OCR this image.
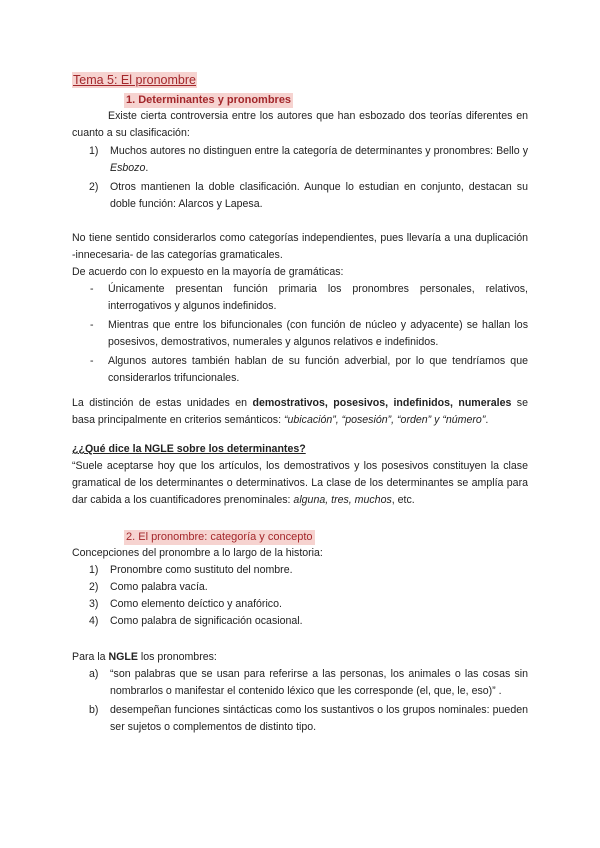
Tema 5: El pronombre
1. Determinantes y pronombres

Existe cierta controversia entre los autores que han esbozado dos teorías diferentes en cuanto a su clasificación:

1) Muchos autores no distinguen entre la categoría de determinantes y pronombres: Bello y Esbozo.
2) Otros mantienen la doble clasificación. Aunque lo estudian en conjunto, destacan su doble función: Alarcos y Lapesa.

No tiene sentido considerarlos como categorías independientes, pues llevaría a una duplicación -innecesaria- de las categorías gramaticales.

De acuerdo con lo expuesto en la mayoría de gramáticas:

- Únicamente presentan función primaria los pronombres personales, relativos, interrogativos y algunos indefinidos.
- Mientras que entre los bifuncionales (con función de núcleo y adyacente) se hallan los posesivos, demostrativos, numerales y algunos relativos e indefinidos.
- Algunos autores también hablan de su función adverbial, por lo que tendríamos que considerarlos trifuncionales.

La distinción de estas unidades en demostrativos, posesivos, indefinidos, numerales se basa principalmente en criterios semánticos: “ubicación”, “posesión”, “orden” y “número”.

¿¿Qué dice la NGLE sobre los determinantes?

“Suele aceptarse hoy que los artículos, los demostrativos y los posesivos constituyen la clase gramatical de los determinantes o determinativos. La clase de los determinantes se amplía para dar cabida a los cuantificadores prenominales: alguna, tres, muchos, etc.

2. El pronombre: categoría y concepto

Concepciones del pronombre a lo largo de la historia:

1) Pronombre como sustituto del nombre.
2) Como palabra vacía.
3) Como elemento deíctico y anafórico.
4) Como palabra de significación ocasional.

Para la NGLE los pronombres:

a) “son palabras que se usan para referirse a las personas, los animales o las cosas sin nombrarlos o manifestar el contenido léxico que les corresponde (el, que, le, eso)” .
b) desempeñan funciones sintácticas como los sustantivos o los grupos nominales: pueden ser sujetos o complementos de distinto tipo.
